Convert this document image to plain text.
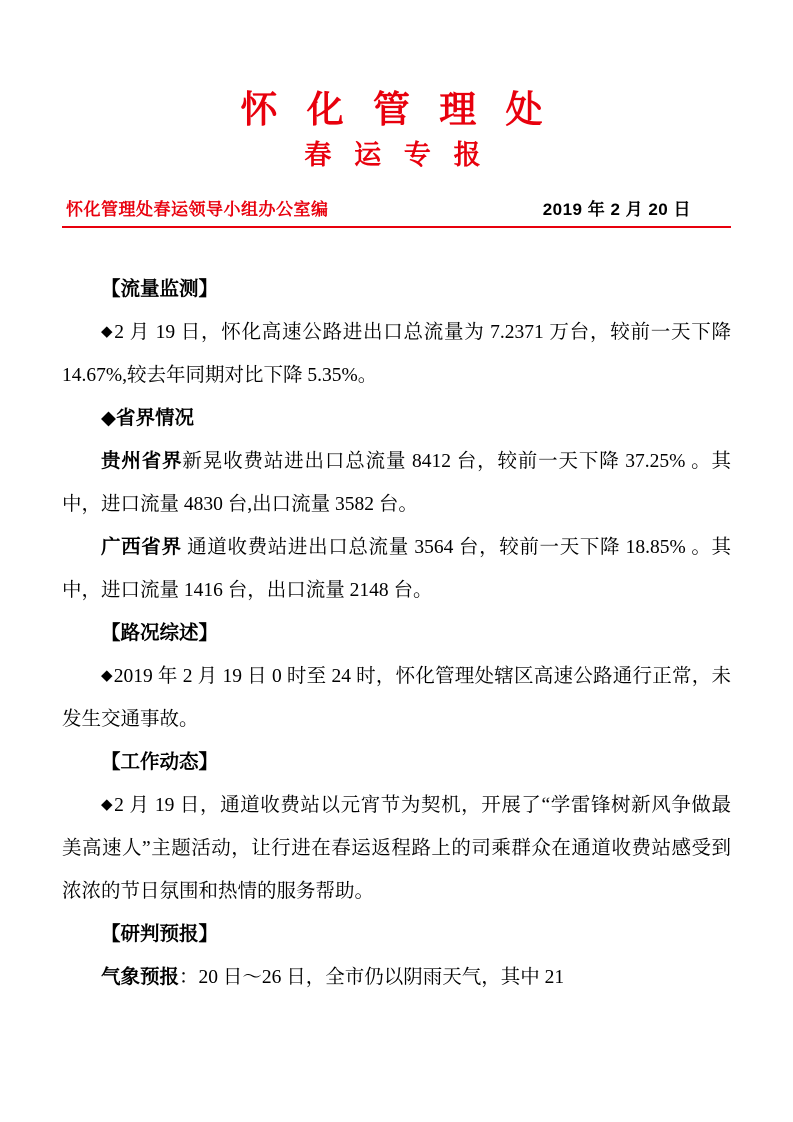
怀 化 管 理 处
春 运 专 报
怀化管理处春运领导小组办公室编	2019 年 2 月 20 日

【流量监测】

◆2 月 19 日，怀化高速公路进出口总流量为 7.2371 万台，较前一天下降 14.67%,较去年同期对比下降 5.35%。

◆省界情况

贵州省界新晃收费站进出口总流量 8412 台，较前一天下降 37.25% 。其中，进口流量 4830 台,出口流量 3582 台。

广西省界 通道收费站进出口总流量 3564 台，较前一天下降 18.85% 。其中，进口流量 1416 台，出口流量 2148 台。

【路况综述】

◆2019 年 2 月 19 日 0 时至 24 时，怀化管理处辖区高速公路通行正常，未发生交通事故。

【工作动态】

◆2 月 19 日，通道收费站以元宵节为契机，开展了“学雷锋树新风争做最美高速人”主题活动，让行进在春运返程路上的司乘群众在通道收费站感受到浓浓的节日氛围和热情的服务帮助。

【研判预报】

气象预报：20 日～26 日，全市仍以阴雨天气，其中 21
